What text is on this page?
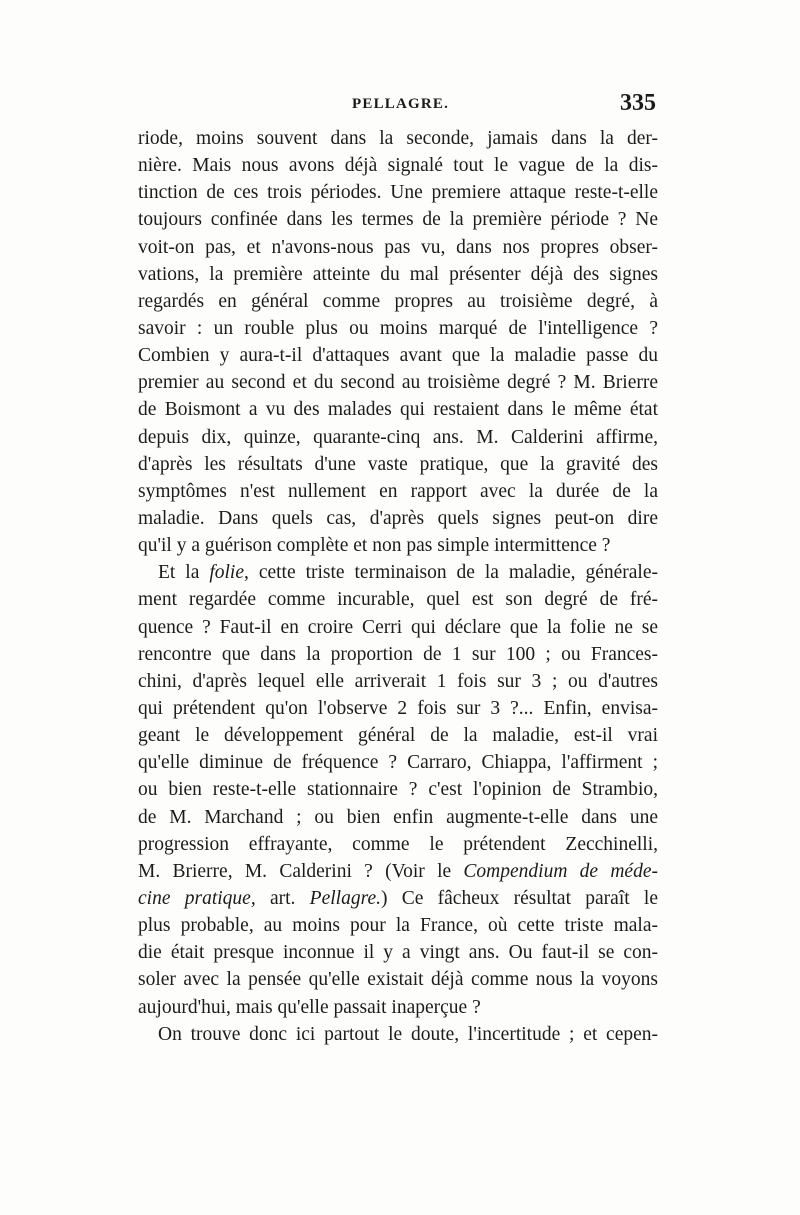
PELLAGRE.	335
riode, moins souvent dans la seconde, jamais dans la der-
nière. Mais nous avons déjà signalé tout le vague de la dis-
tinction de ces trois périodes. Une premiere attaque reste-t-elle
toujours confinée dans les termes de la première période ? Ne
voit-on pas, et n'avons-nous pas vu, dans nos propres obser-
vations, la première atteinte du mal présenter déjà des signes
regardés en général comme propres au troisième degré, à
savoir : un rouble plus ou moins marqué de l'intelligence ?
Combien y aura-t-il d'attaques avant que la maladie passe du
premier au second et du second au troisième degré ? M. Brierre
de Boismont a vu des malades qui restaient dans le même état
depuis dix, quinze, quarante-cinq ans. M. Calderini affirme,
d'après les résultats d'une vaste pratique, que la gravité des
symptômes n'est nullement en rapport avec la durée de la
maladie. Dans quels cas, d'après quels signes peut-on dire
qu'il y a guérison complète et non pas simple intermittence ?
Et la folie, cette triste terminaison de la maladie, générale-
ment regardée comme incurable, quel est son degré de fré-
quence ? Faut-il en croire Cerri qui déclare que la folie ne se
rencontre que dans la proportion de 1 sur 100 ; ou Frances-
chini, d'après lequel elle arriverait 1 fois sur 3 ; ou d'autres
qui prétendent qu'on l'observe 2 fois sur 3 ?... Enfin, envisa-
geant le développement général de la maladie, est-il vrai
qu'elle diminue de fréquence ? Carraro, Chiappa, l'affirment ;
ou bien reste-t-elle stationnaire ? c'est l'opinion de Strambio,
de M. Marchand ; ou bien enfin augmente-t-elle dans une
progression effrayante, comme le prétendent Zecchinelli,
M. Brierre, M. Calderini ? (Voir le Compendium de méde-
cine pratique, art. Pellagre.) Ce fâcheux résultat paraît le
plus probable, au moins pour la France, où cette triste mala-
die était presque inconnue il y a vingt ans. Ou faut-il se con-
soler avec la pensée qu'elle existait déjà comme nous la voyons
aujourd'hui, mais qu'elle passait inaperçue ?
On trouve donc ici partout le doute, l'incertitude ; et cepen-
